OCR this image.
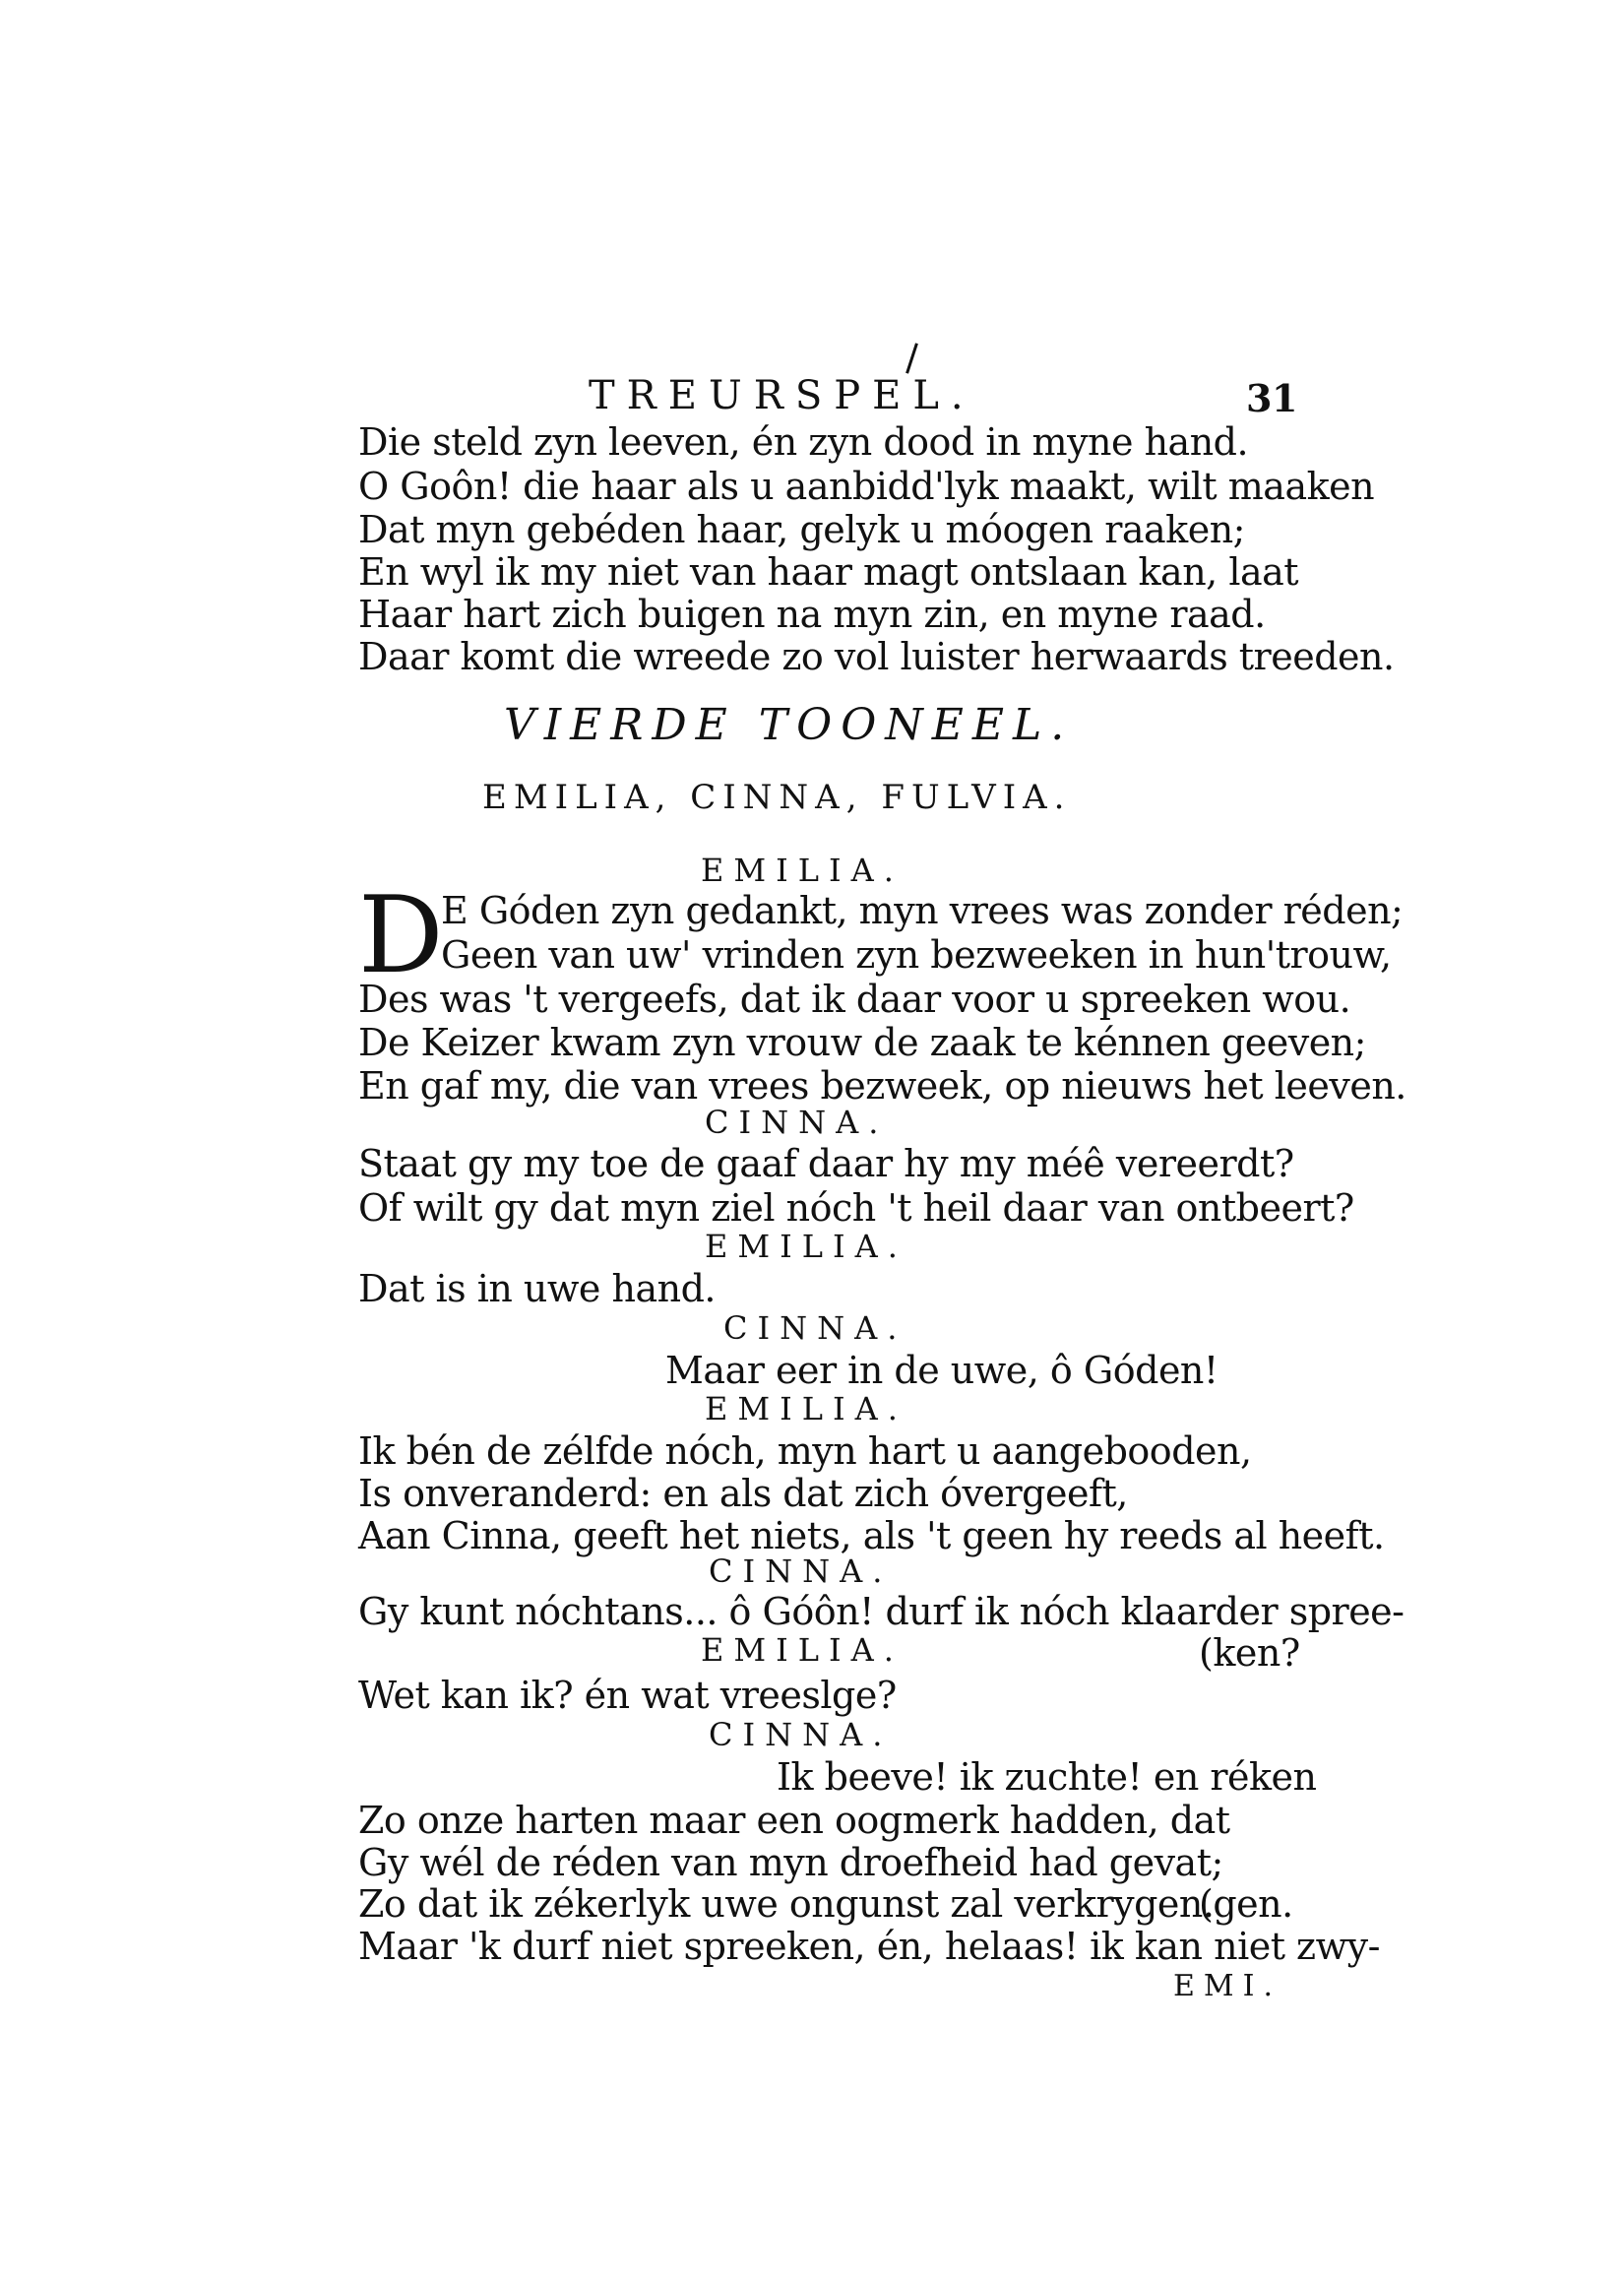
TREURSPEL.	31
Die steld zyn leeven, én zyn dood in myne hand.
O Goôn! die haar als u aanbidd'lyk maakt, wilt maaken
Dat myn gebéden haar, gelyk u móogen raaken;
En wyl ik my niet van haar magt ontslaan kan, laat
Haar hart zich buigen na myn zin, en myne raad.
Daar komt die wreede zo vol luister herwaards treeden.
VIERDE TOONEEL.
EMILIA, CINNA, FULVIA.
EMILIA.
D
E Góden zyn gedankt, myn vrees was zonder réden;
Geen van uw' vrinden zyn bezweeken in hun'trouw,
Des was 't vergeefs, dat ik daar voor u spreeken wou.
De Keizer kwam zyn vrouw de zaak te kénnen geeven;
En gaf my, die van vrees bezweek, op nieuws het leeven.
CINNA.
Staat gy my toe de gaaf daar hy my méê vereerdt?
Of wilt gy dat myn ziel nóch 't heil daar van ontbeert?
EMILIA.
Dat is in uwe hand.
CINNA.
Maar eer in de uwe, ô Góden!
EMILIA.
Ik bén de zélfde nóch, myn hart u aangebooden,
Is onveranderd: en als dat zich óvergeeft,
Aan Cinna, geeft het niets, als 't geen hy reeds al heeft.
CINNA.
Gy kunt nóchtans... ô Góôn! durf ik nóch klaarder spree-
EMILIA.	(ken?
Wet kan ik? én wat vreeslge?
CINNA.
Ik beeve! ik zuchte! en réken
Zo onze harten maar een oogmerk hadden, dat
Gy wél de réden van myn droefheid had gevat;
Zo dat ik zékerlyk uwe ongunst zal verkrygen.
(gen.
Maar 'k durf niet spreeken, én, helaas! ik kan niet zwy-
EMI.
